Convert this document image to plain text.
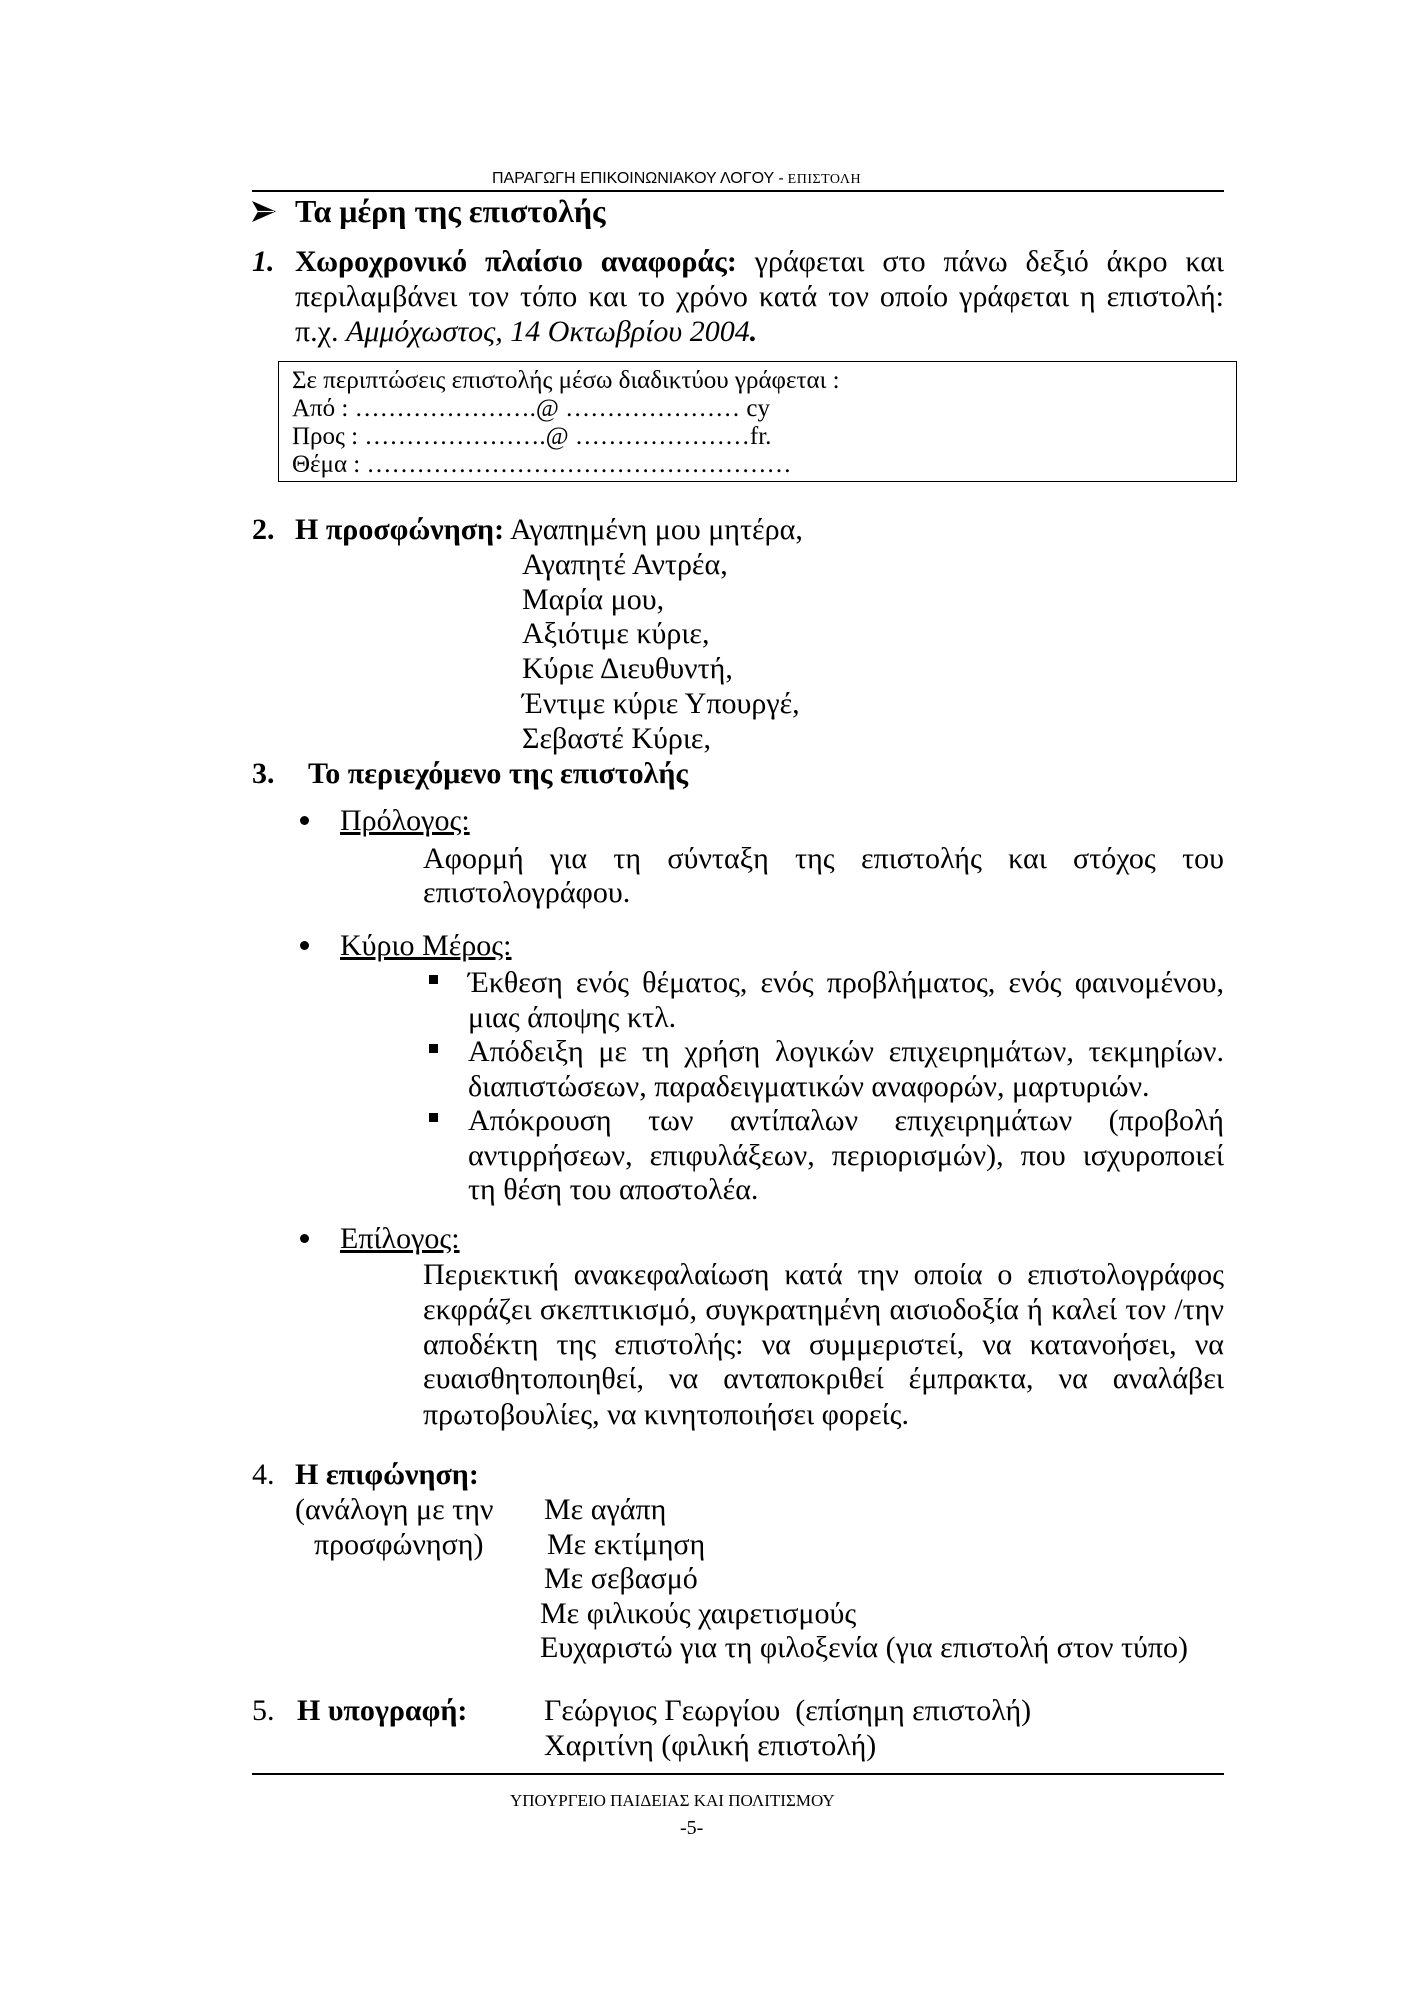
ΠΑΡΑΓΩΓΗ ΕΠΙΚΟΙΝΩΝΙΑΚΟΥ ΛΟΓΟΥ - ΕΠΙΣΤΟΛΗ
Τα μέρη της επιστολής
1. Χωροχρονικό πλαίσιο αναφοράς: γράφεται στο πάνω δεξιό άκρο και
περιλαμβάνει τον τόπο και το χρόνο κατά τον οποίο γράφεται η επιστολή:
π.χ. Αμμόχωστος, 14 Οκτωβρίου 2004.
Σε περιπτώσεις επιστολής μέσω διαδικτύου γράφεται :
Από : ………………….@ ………………… cy
Προς : ………………….@ …………………fr.
Θέμα : ……………………………………………
2. Η προσφώνηση: Αγαπημένη μου μητέρα,
Αγαπητέ Αντρέα,
Μαρία μου,
Αξιότιμε κύριε,
Κύριε Διευθυντή,
Έντιμε κύριε Υπουργέ,
Σεβαστέ Κύριε,
3. Το περιεχόμενο της επιστολής
Πρόλογος:
Αφορμή για τη σύνταξη της επιστολής και στόχος του
επιστολογράφου.
Κύριο Μέρος:
Έκθεση ενός θέματος, ενός προβλήματος, ενός φαινομένου,
μιας άποψης κτλ.
Απόδειξη με τη χρήση λογικών επιχειρημάτων, τεκμηρίων.
διαπιστώσεων, παραδειγματικών αναφορών, μαρτυριών.
Απόκρουση των αντίπαλων επιχειρημάτων (προβολή
αντιρρήσεων, επιφυλάξεων, περιορισμών), που ισχυροποιεί
τη θέση του αποστολέα.
Επίλογος:
Περιεκτική ανακεφαλαίωση κατά την οποία ο επιστολογράφος
εκφράζει σκεπτικισμό, συγκρατημένη αισιοδοξία ή καλεί τον /την
αποδέκτη της επιστολής: να συμμεριστεί, να κατανοήσει, να
ευαισθητοποιηθεί, να ανταποκριθεί έμπρακτα, να αναλάβει
πρωτοβουλίες, να κινητοποιήσει φορείς.
4. Η επιφώνηση:
(ανάλογη με την
προσφώνηση)
Με αγάπη
Με εκτίμηση
Με σεβασμό
Με φιλικούς χαιρετισμούς
Ευχαριστώ για τη φιλοξενία (για επιστολή στον τύπο)
5. Η υπογραφή:	Γεώργιος Γεωργίου  (επίσημη επιστολή)
Χαριτίνη (φιλική επιστολή)
ΥΠΟΥΡΓΕΙΟ ΠΑΙΔΕΙΑΣ ΚΑΙ ΠΟΛΙΤΙΣΜΟΥ
-5-
